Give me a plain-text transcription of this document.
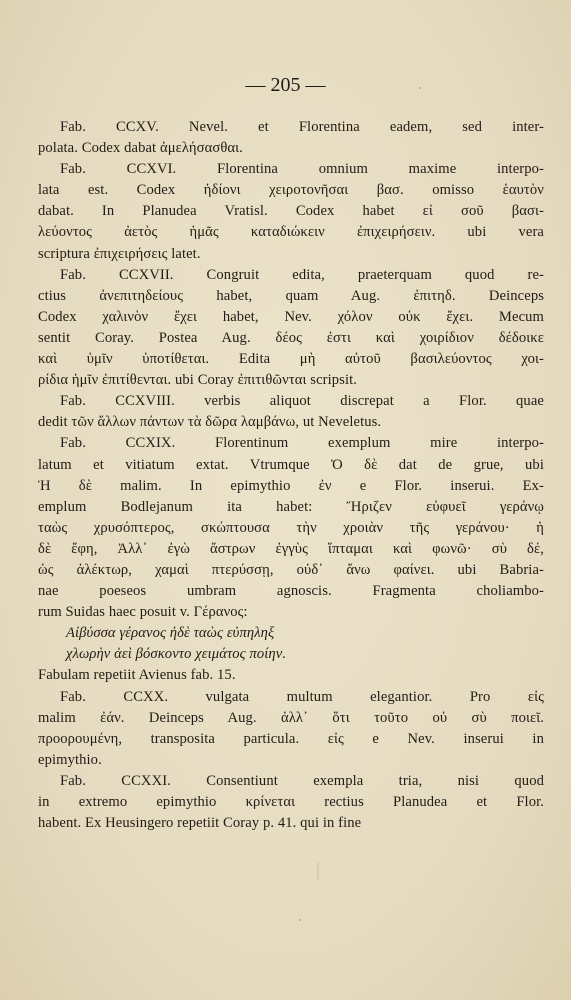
— 205 —
Fab. CCXV. Nevel. et Florentina eadem, sed inter-
polata. Codex dabat ἀμελήσασθαι.
Fab. CCXVI. Florentina omnium maxime interpo-
lata est. Codex ἡδίονι χειροτονῆσαι βασ. omisso ἑαυτὸν
dabat. In Planudea Vratisl. Codex habet εἰ σοῦ βασι-
λεύοντος ἀετὸς ἡμᾶς καταδιώκειν ἐπιχειρήσειν. ubi vera
scriptura ἐπιχειρήσεις latet.
Fab. CCXVII. Congruit edita, praeterquam quod re-
ctius ἀνεπιτηδείους habet, quam Aug. ἐπιτηδ. Deinceps
Codex χαλινὸν ἔχει habet, Nev. χόλον οὐκ ἔχει. Mecum
sentit Coray. Postea Aug. δέος ἐστι καὶ χοιρίδιον δέδοικε
καὶ ὑμῖν ὑποτίθεται. Edita μὴ αὐτοῦ βασιλεύοντος χοι-
ρίδια ἡμῖν ἐπιτίθενται. ubi Coray ἐπιτιθῶνται scripsit.
Fab. CCXVIII. verbis aliquot discrepat a Flor. quae
dedit τῶν ἄλλων πάντων τὰ δῶρα λαμβάνω, ut Neveletus.
Fab. CCXIX. Florentinum exemplum mire interpo-
latum et vitiatum extat. Vtrumque Ὁ δὲ dat de grue, ubi
Ἡ δὲ malim. In epimythio ἐν e Flor. inserui. Ex-
emplum Bodlejanum ita habet: Ἤριζεν εὐφυεῖ γεράνῳ
ταὼς χρυσόπτερος, σκώπτουσα τὴν χροιὰν τῆς γεράνου· ἡ
δὲ ἔφη, Ἀλλ᾽ ἐγὼ ἄστρων ἐγγὺς ἵπταμαι καὶ φωνῶ· σὺ δέ,
ὡς ἀλέκτωρ, χαμαὶ πτερύσσῃ, οὐδ᾽ ἄνω φαίνει. ubi Babria-
nae poeseos umbram agnoscis. Fragmenta choliambo-
rum Suidas haec posuit v. Γέρανος:
Αἰβύσσα γέρανος ἠδὲ ταὼς εὐπηληξ
χλωρὴν ἀεὶ βόσκοντο χειμάτος ποίην.
Fabulam repetiit Avienus fab. 15.
Fab. CCXX. vulgata multum elegantior. Pro εἰς
malim ἐάν. Deinceps Aug. ἀλλ᾽ ὅτι τοῦτο οὐ σὺ ποιεῖ.
προορουμένη, transposita particula. εἰς e Nev. inserui in
epimythio.
Fab. CCXXI. Consentiunt exempla tria, nisi quod
in extremo epimythio κρίνεται rectius Planudea et Flor.
habent. Ex Heusingero repetiit Coray p. 41. qui in fine
